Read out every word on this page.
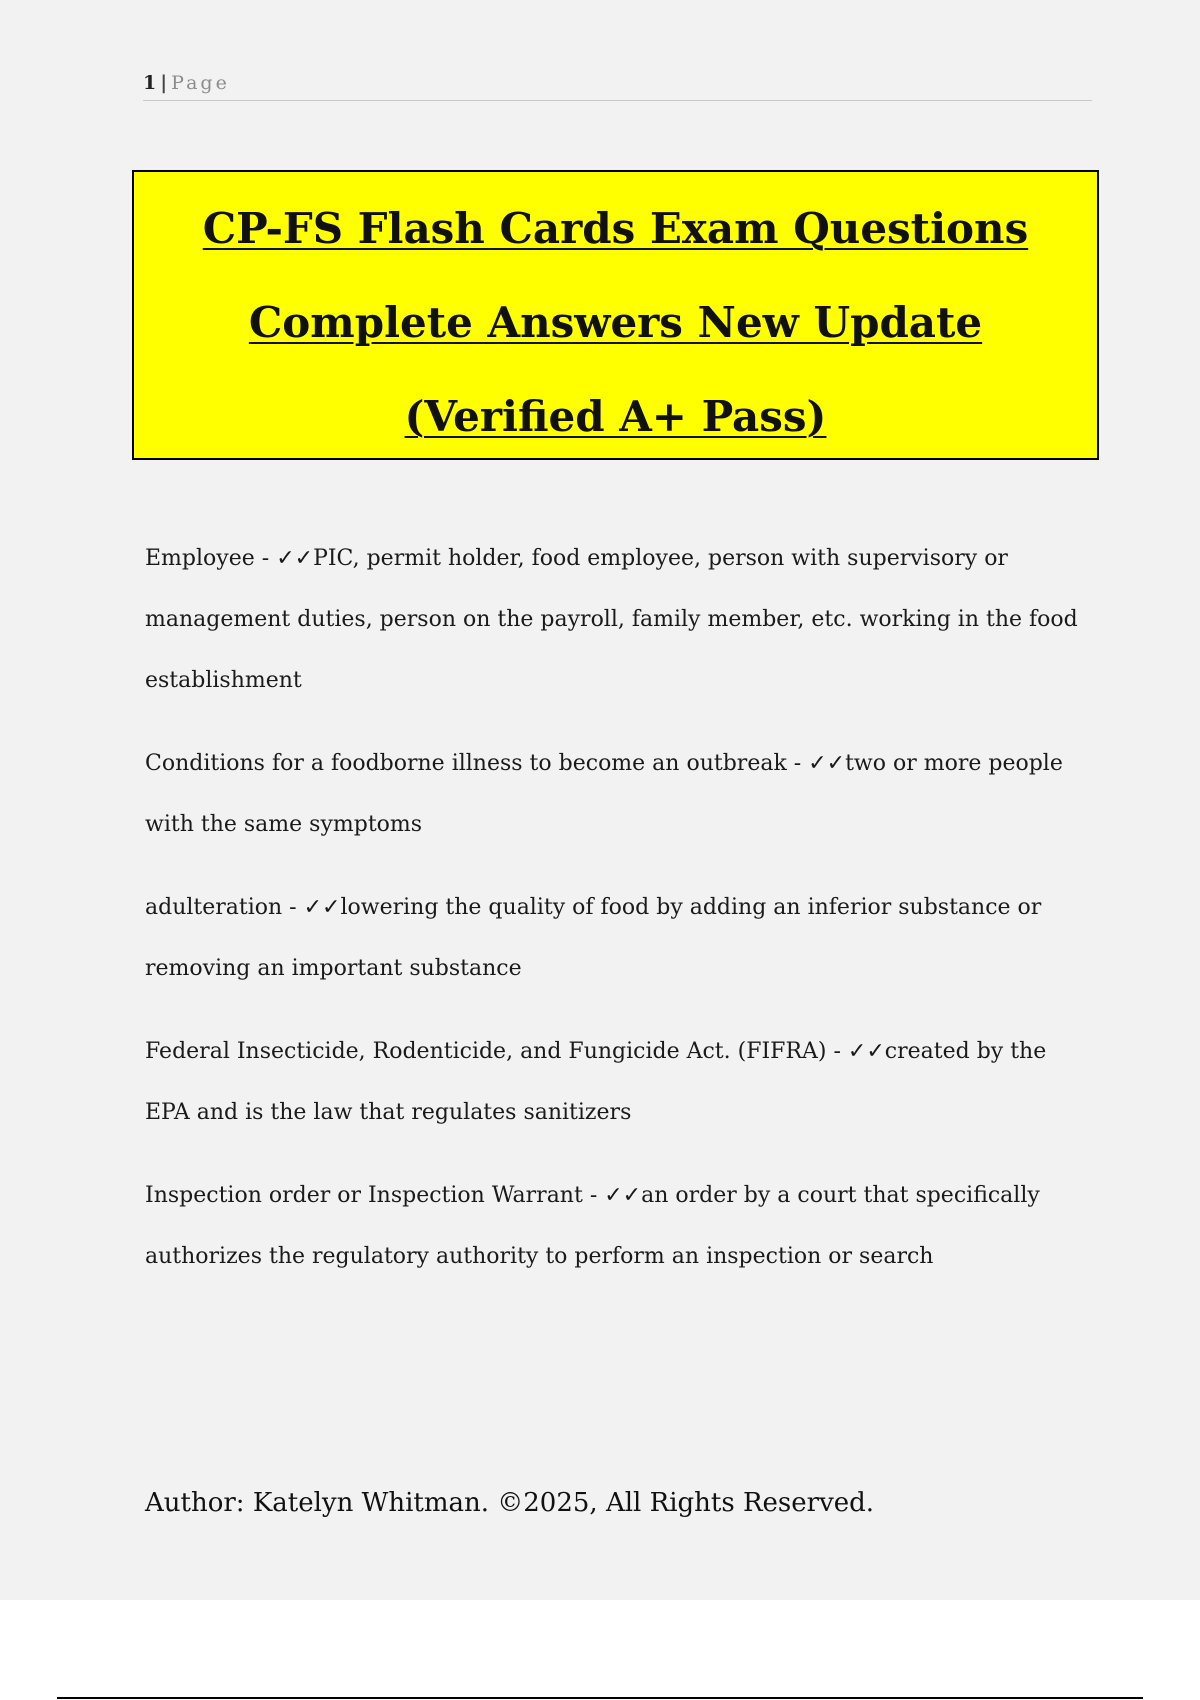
1 | Page
CP-FS Flash Cards Exam Questions
Complete Answers New Update
(Verified A+ Pass)

Employee - ✓✓PIC, permit holder, food employee, person with supervisory or management duties, person on the payroll, family member, etc. working in the food establishment

Conditions for a foodborne illness to become an outbreak - ✓✓two or more people with the same symptoms

adulteration - ✓✓lowering the quality of food by adding an inferior substance or removing an important substance

Federal Insecticide, Rodenticide, and Fungicide Act. (FIFRA) - ✓✓created by the EPA and is the law that regulates sanitizers

Inspection order or Inspection Warrant - ✓✓an order by a court that specifically authorizes the regulatory authority to perform an inspection or search

Author: Katelyn Whitman. ©2025, All Rights Reserved.
